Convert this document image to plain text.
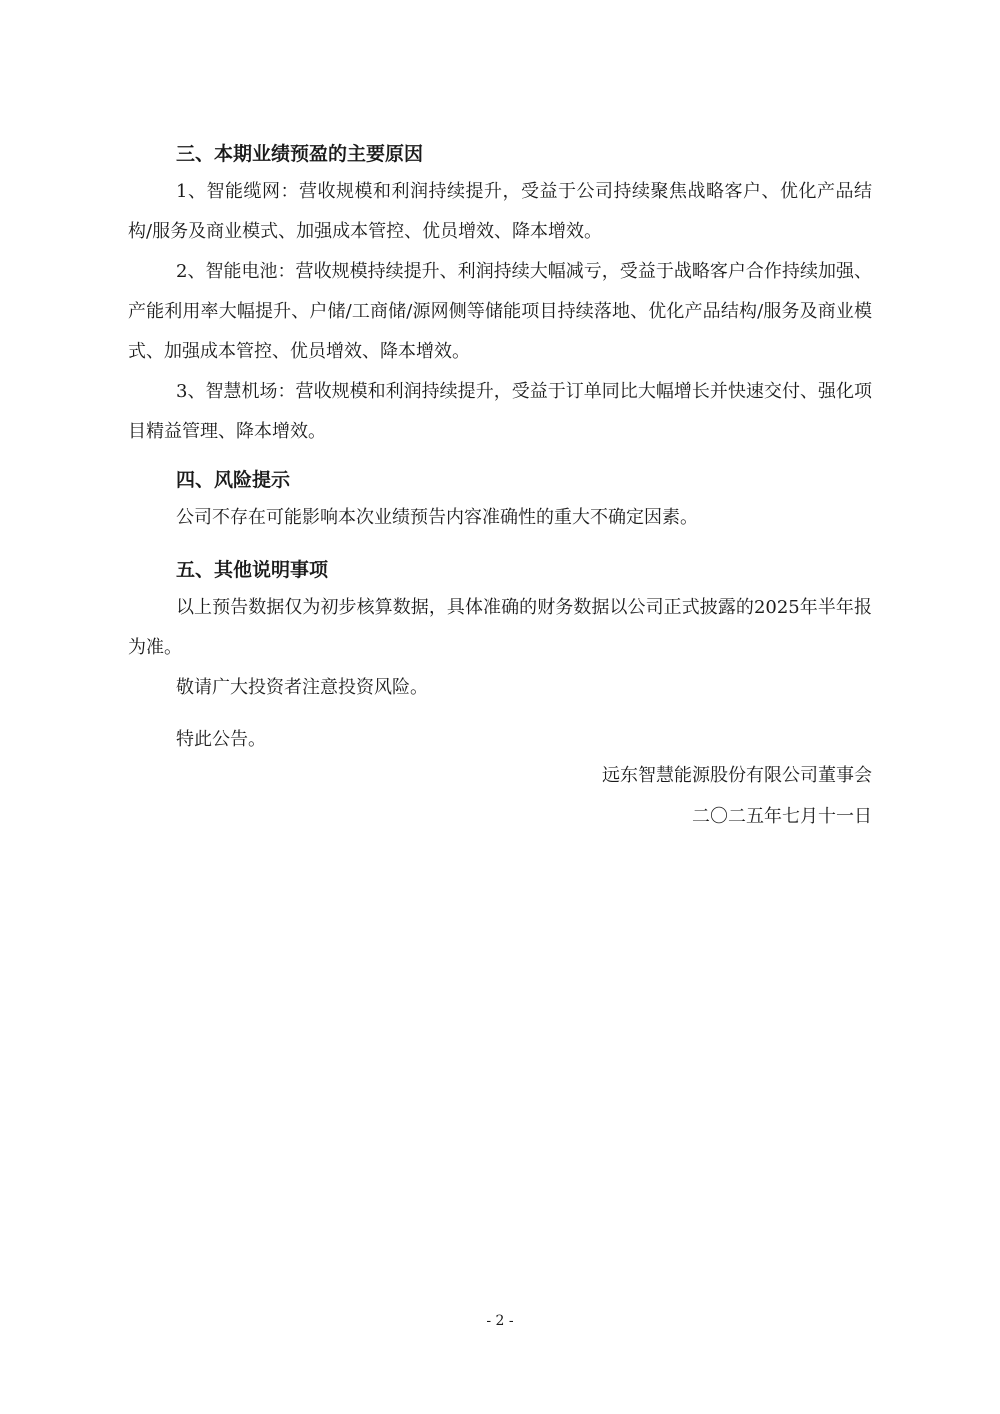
三、本期业绩预盈的主要原因

1、智能缆网：营收规模和利润持续提升，受益于公司持续聚焦战略客户、优化产品结构/服务及商业模式、加强成本管控、优员增效、降本增效。

2、智能电池：营收规模持续提升、利润持续大幅减亏，受益于战略客户合作持续加强、产能利用率大幅提升、户储/工商储/源网侧等储能项目持续落地、优化产品结构/服务及商业模式、加强成本管控、优员增效、降本增效。

3、智慧机场：营收规模和利润持续提升，受益于订单同比大幅增长并快速交付、强化项目精益管理、降本增效。

四、风险提示

公司不存在可能影响本次业绩预告内容准确性的重大不确定因素。

五、其他说明事项

以上预告数据仅为初步核算数据，具体准确的财务数据以公司正式披露的2025年半年报为准。

敬请广大投资者注意投资风险。

特此公告。

远东智慧能源股份有限公司董事会

二〇二五年七月十一日

- 2 -
